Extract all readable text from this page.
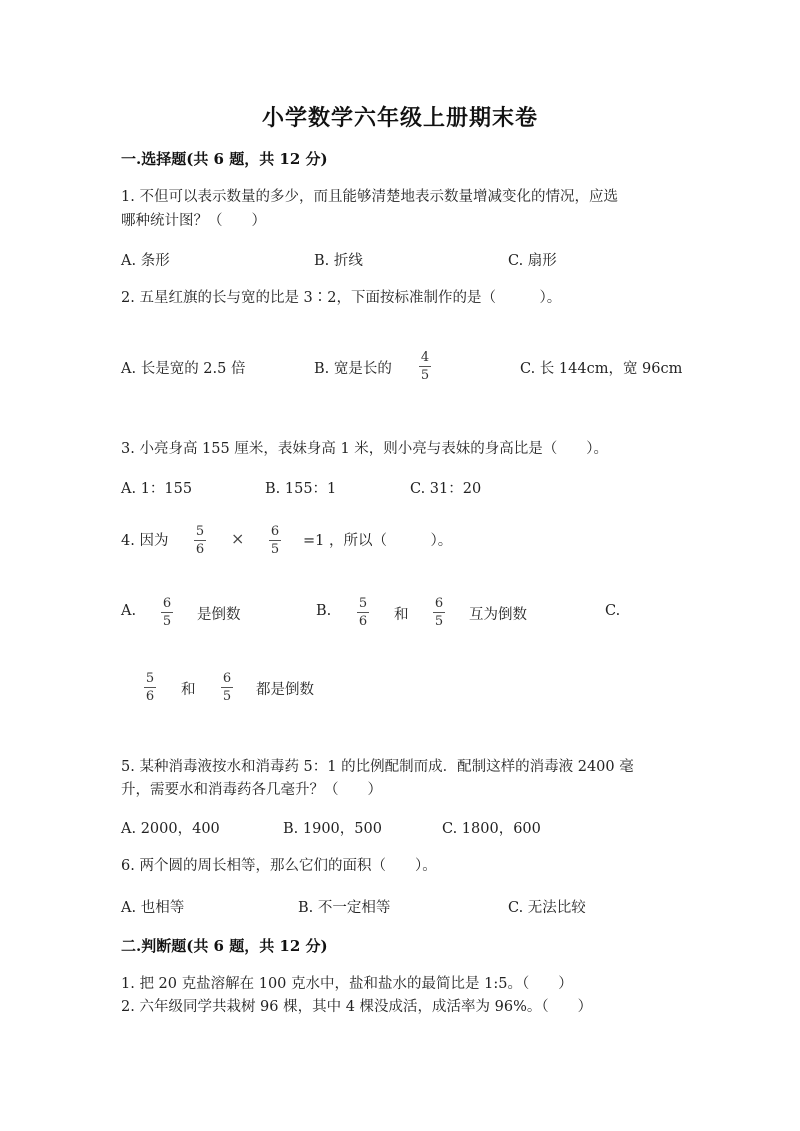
小学数学六年级上册期末卷
一.选择题(共 6 题，共 12 分)
1. 不但可以表示数量的多少，而且能够清楚地表示数量增减变化的情况，应选
哪种统计图？（　　）
A. 条形	B. 折线	C. 扇形
2. 五星红旗的长与宽的比是 3∶2，下面按标准制作的是（　　　）。
A. 长是宽的 2.5 倍	B. 宽是长的
4
5	C. 长 144cm，宽 96cm
3. 小亮身高 155 厘米，表妹身高 1 米，则小亮与表妹的身高比是（　　）。
A. 1：155	B. 155：1	C. 31：20
4. 因为
5
6
× 6
5
=1 ，所以（　　　）。
A. 6
5 是倒数	B. 5
6 和
6
5 互为倒数	C.
5
6 和
6
5 都是倒数
5. 某种消毒液按水和消毒药 5：1 的比例配制而成．配制这样的消毒液 2400 毫
升，需要水和消毒药各几毫升？（　　）
A. 2000，400	B. 1900，500	C. 1800，600
6. 两个圆的周长相等，那么它们的面积（　　）。
A. 也相等	B. 不一定相等	C. 无法比较
二.判断题(共 6 题，共 12 分)
1. 把 20 克盐溶解在 100 克水中，盐和盐水的最简比是 1:5。（　　）
2. 六年级同学共栽树 96 棵，其中 4 棵没成活，成活率为 96%。（　　）
